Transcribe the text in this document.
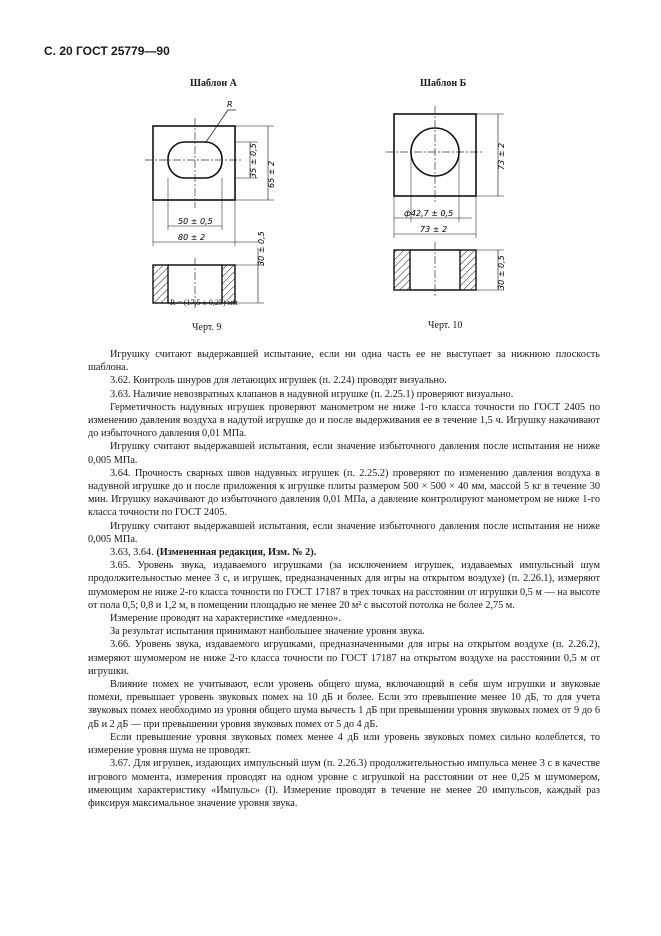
С. 20 ГОСТ 25779—90
Шаблон А
R
35 ± 0,5 65 ± 2
50 ± 0,5
80 ± 2	30 ± 0,5
R = (17,5 ± 0,25) мм
Черт. 9
Шаблон Б
73 ± 2
ф42,7 ± 0,5
73 ± 2
30 ± 0,5
Черт. 10

Игрушку считают выдержавшей испытание, если ни одна часть ее не выступает за нижнюю плоскость шаблона.

3.62. Контроль шнуров для летающих игрушек (п. 2.24) проводят визуально.

3.63. Наличие невозвратных клапанов в надувной игрушке (п. 2.25.1) проверяют визуально.

Герметичность надувных игрушек проверяют манометром не ниже 1-го класса точности по ГОСТ 2405 по изменению давления воздуха в надутой игрушке до и после выдерживания ее в течение 1,5 ч. Игрушку накачивают до избыточного давления 0,01 МПа.

Игрушку считают выдержавшей испытания, если значение избыточного давления после испытания не ниже 0,005 МПа.

3.64. Прочность сварных швов надувных игрушек (п. 2.25.2) проверяют по изменению давления воздуха в надувной игрушке до и после приложения к игрушке плиты размером 500 × 500 × 40 мм, массой 5 кг в течение 30 мин. Игрушку накачивают до избыточного давления 0,01 МПа, а давление контролируют манометром не ниже 1-го класса точности по ГОСТ 2405.

Игрушку считают выдержавшей испытания, если значение избыточного давления после испытания не ниже 0,005 МПа.

3.63, 3.64. (Измененная редакция, Изм. № 2).

3.65. Уровень звука, издаваемого игрушками (за исключением игрушек, издаваемых импульсный шум продолжительностью менее 3 с, и игрушек, предназначенных для игры на открытом воздухе) (п. 2.26.1), измеряют шумомером не ниже 2-го класса точности по ГОСТ 17187 в трех точках на расстоянии от игрушки 0,5 м — на высоте от пола 0,5; 0,8 и 1,2 м, в помещении площадью не менее 20 м² с высотой потолка не более 2,75 м.

Измерение проводят на характеристике «медленно».

За результат испытания принимают наибольшее значение уровня звука.

3.66. Уровень звука, издаваемого игрушками, предназначенными для игры на открытом воздухе (п. 2.26.2), измеряют шумомером не ниже 2-го класса точности по ГОСТ 17187 на открытом воздухе на расстоянии 0,5 м от игрушки.

Влияние помех не учитывают, если уровень общего шума, включающий в себя шум игрушки и звуковые помехи, превышает уровень звуковых помех на 10 дБ и более. Если это превышение менее 10 дБ, то для учета звуковых помех необходимо из уровня общего шума вычесть 1 дБ при превышении уровня звуковых помех от 9 до 6 дБ и 2 дБ — при превышении уровня звуковых помех от 5 до 4 дБ.

Если превышение уровня звуковых помех менее 4 дБ или уровень звуковых помех сильно колеблется, то измерение уровня шума не проводят.

3.67. Для игрушек, издающих импульсный шум (п. 2.26.3) продолжительностью импульса менее 3 с в качестве игрового момента, измерения проводят на одном уровне с игрушкой на расстоянии от нее 0,25 м шумомером, имеющим характеристику «Импульс» (I). Измерение проводят в течение не менее 20 импульсов, каждый раз фиксируя максимальное значение уровня звука.
